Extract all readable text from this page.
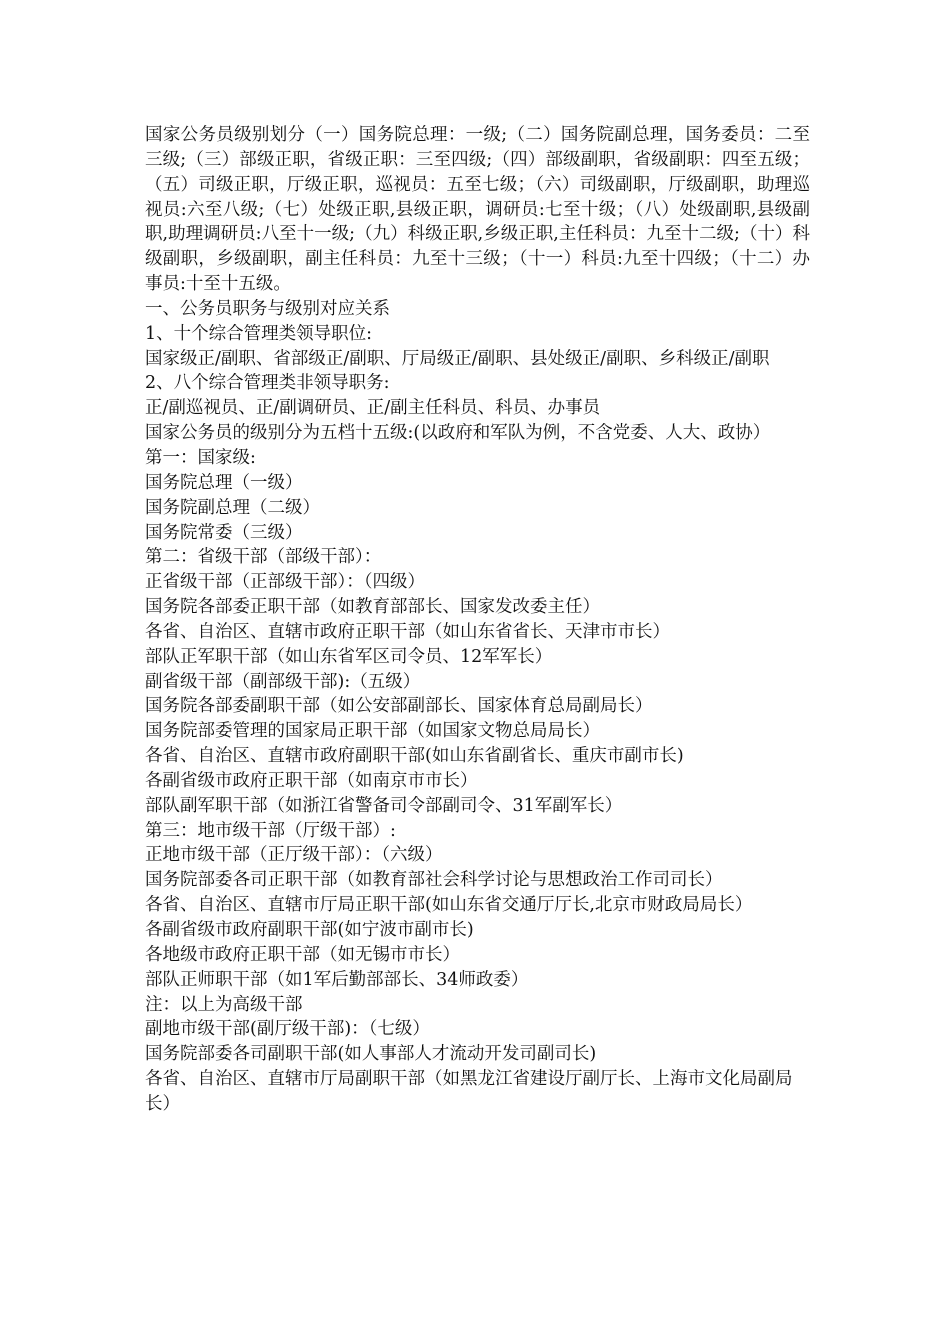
国家公务员级别划分（一）国务院总理：一级;（二）国务院副总理，国务委员：二至三级;（三）部级正职，省级正职：三至四级;（四）部级副职，省级副职：四至五级；（五）司级正职，厅级正职，巡视员：五至七级；（六）司级副职，厅级副职，助理巡视员:六至八级;（七）处级正职,县级正职，调研员:七至十级；（八）处级副职,县级副职,助理调研员:八至十一级;（九）科级正职,乡级正职,主任科员：九至十二级;（十）科级副职，乡级副职，副主任科员：九至十三级；（十一）科员:九至十四级；（十二）办事员:十至十五级。

一、公务员职务与级别对应关系

1、十个综合管理类领导职位:

国家级正/副职、省部级正/副职、厅局级正/副职、县处级正/副职、乡科级正/副职

2、八个综合管理类非领导职务:

正/副巡视员、正/副调研员、正/副主任科员、科员、办事员

国家公务员的级别分为五档十五级:(以政府和军队为例，不含党委、人大、政协）

第一：国家级:

国务院总理（一级）

国务院副总理（二级）

国务院常委（三级）

第二：省级干部（部级干部）：

正省级干部（正部级干部）：（四级）

国务院各部委正职干部（如教育部部长、国家发改委主任）

各省、自治区、直辖市政府正职干部（如山东省省长、天津市市长）

部队正军职干部（如山东省军区司令员、12军军长）

副省级干部（副部级干部):（五级）

国务院各部委副职干部（如公安部副部长、国家体育总局副局长）

国务院部委管理的国家局正职干部（如国家文物总局局长）

各省、自治区、直辖市政府副职干部(如山东省副省长、重庆市副市长)

各副省级市政府正职干部（如南京市市长）

部队副军职干部（如浙江省警备司令部副司令、31军副军长）

第三：地市级干部（厅级干部）:

正地市级干部（正厅级干部）：（六级）

国务院部委各司正职干部（如教育部社会科学讨论与思想政治工作司司长）

各省、自治区、直辖市厅局正职干部(如山东省交通厅厅长,北京市财政局局长）

各副省级市政府副职干部(如宁波市副市长)

各地级市政府正职干部（如无锡市市长）

部队正师职干部（如1军后勤部部长、34师政委）

注：以上为高级干部

副地市级干部(副厅级干部)：（七级）

国务院部委各司副职干部(如人事部人才流动开发司副司长)

各省、自治区、直辖市厅局副职干部（如黑龙江省建设厅副厅长、上海市文化局副局长）
